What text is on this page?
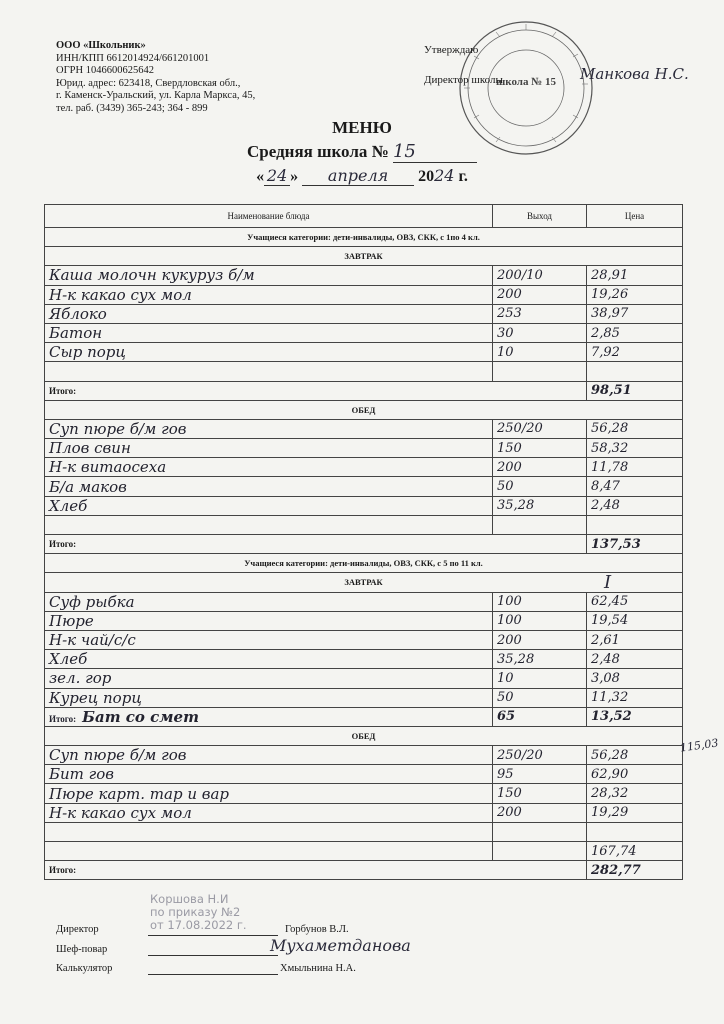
ООО «Школьник»
ИНН/КПП 6612014924/661201001
ОГРН 1046600625642
Юрид. адрес: 623418, Свердловская обл.,
г. Каменск-Уральский, ул. Карла Маркса, 45,
тел. раб. (3439) 365-243; 364 - 899
школа № 15
Утверждаю
Директор школы	Манкова Н.С.
МЕНЮ
Средняя школа № 15
« 24 » апреля 2024 г.
Наименование блюда	Выход	Цена
Учащиеся категории: дети-инвалиды, ОВЗ, СКК, с 1по 4 кл.		
ЗАВТРАК		
Каша молочн кукуруз б/м	200/10	28,91
Н-к какао сух мол	200	19,26
Яблоко	253	38,97
Батон	30	2,85
Сыр порц	10	7,92

Итого:		98,51
ОБЕД		
Суп пюре б/м гов	250/20	56,28
Плов свин	150	58,32
Н-к витаосеха	200	11,78
Б/а маков	50	8,47
Хлеб	35,28	2,48

Итого:		137,53
Учащиеся категории: дети-инвалиды, ОВЗ, СКК, с 5 по 11 кл.		
ЗАВТРАК		
Суф рыбка	100	62,45
Пюре	100	19,54
Н-к чай/с/с	200	2,61
Хлеб	35,28	2,48
зел. гор	10	3,08
Курец порц	50	11,32
Итого: Бат со смет	65	13,52
ОБЕД		
Суп пюре б/м гов	250/20	56,28
Бит гов	95	62,90
Пюре карт. тар и вар	150	28,32
Н-к какао сух мол	200	19,29

		167,74
Итого:		282,77
I
115,03
Коршова Н.И
по приказу №2
от 17.08.2022 г.
Директор	Горбунов В.Л.
Шеф-повар	Мухаметданова
Калькулятор	Хмыльнина Н.А.
